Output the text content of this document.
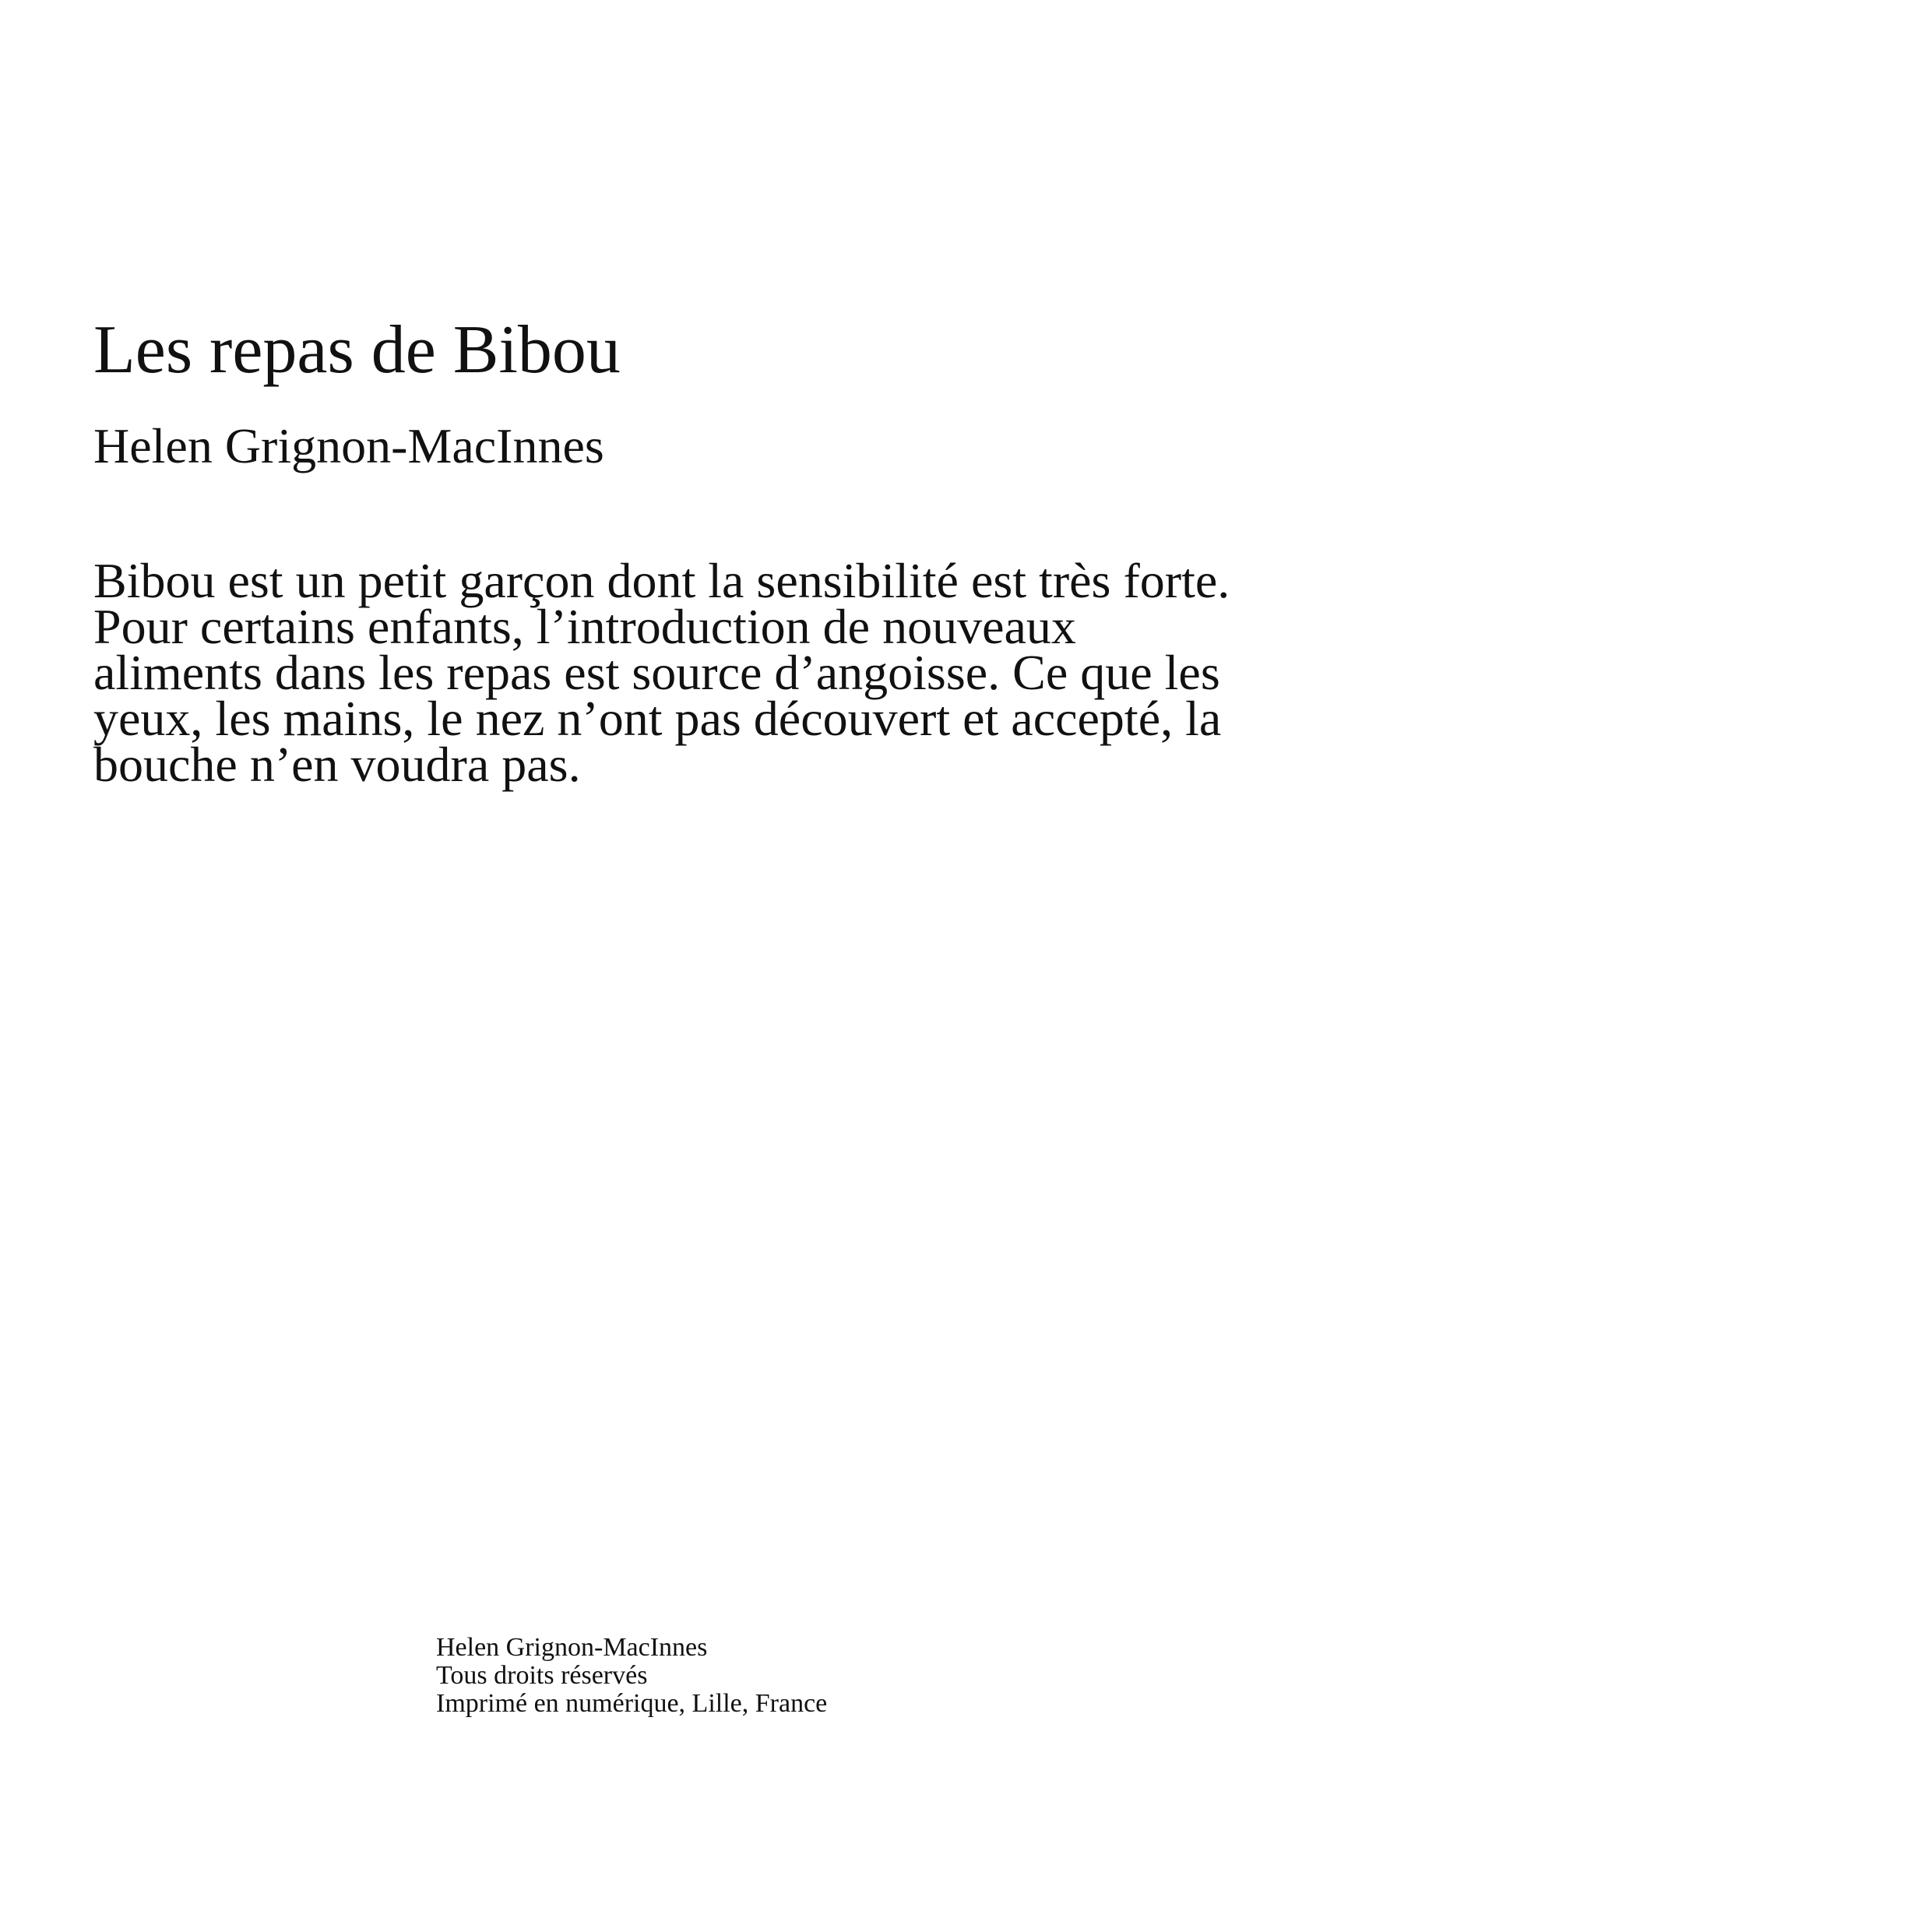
Les repas de Bibou
Helen Grignon-MacInnes
Bibou est un petit garçon dont la sensibilité est très forte.
Pour certains enfants, l’introduction de nouveaux
aliments dans les repas est source d’angoisse. Ce que les
yeux, les mains, le nez n’ont pas découvert et accepté, la
bouche n’en voudra pas.
Helen Grignon-MacInnes
Tous droits réservés
Imprimé en numérique, Lille, France
